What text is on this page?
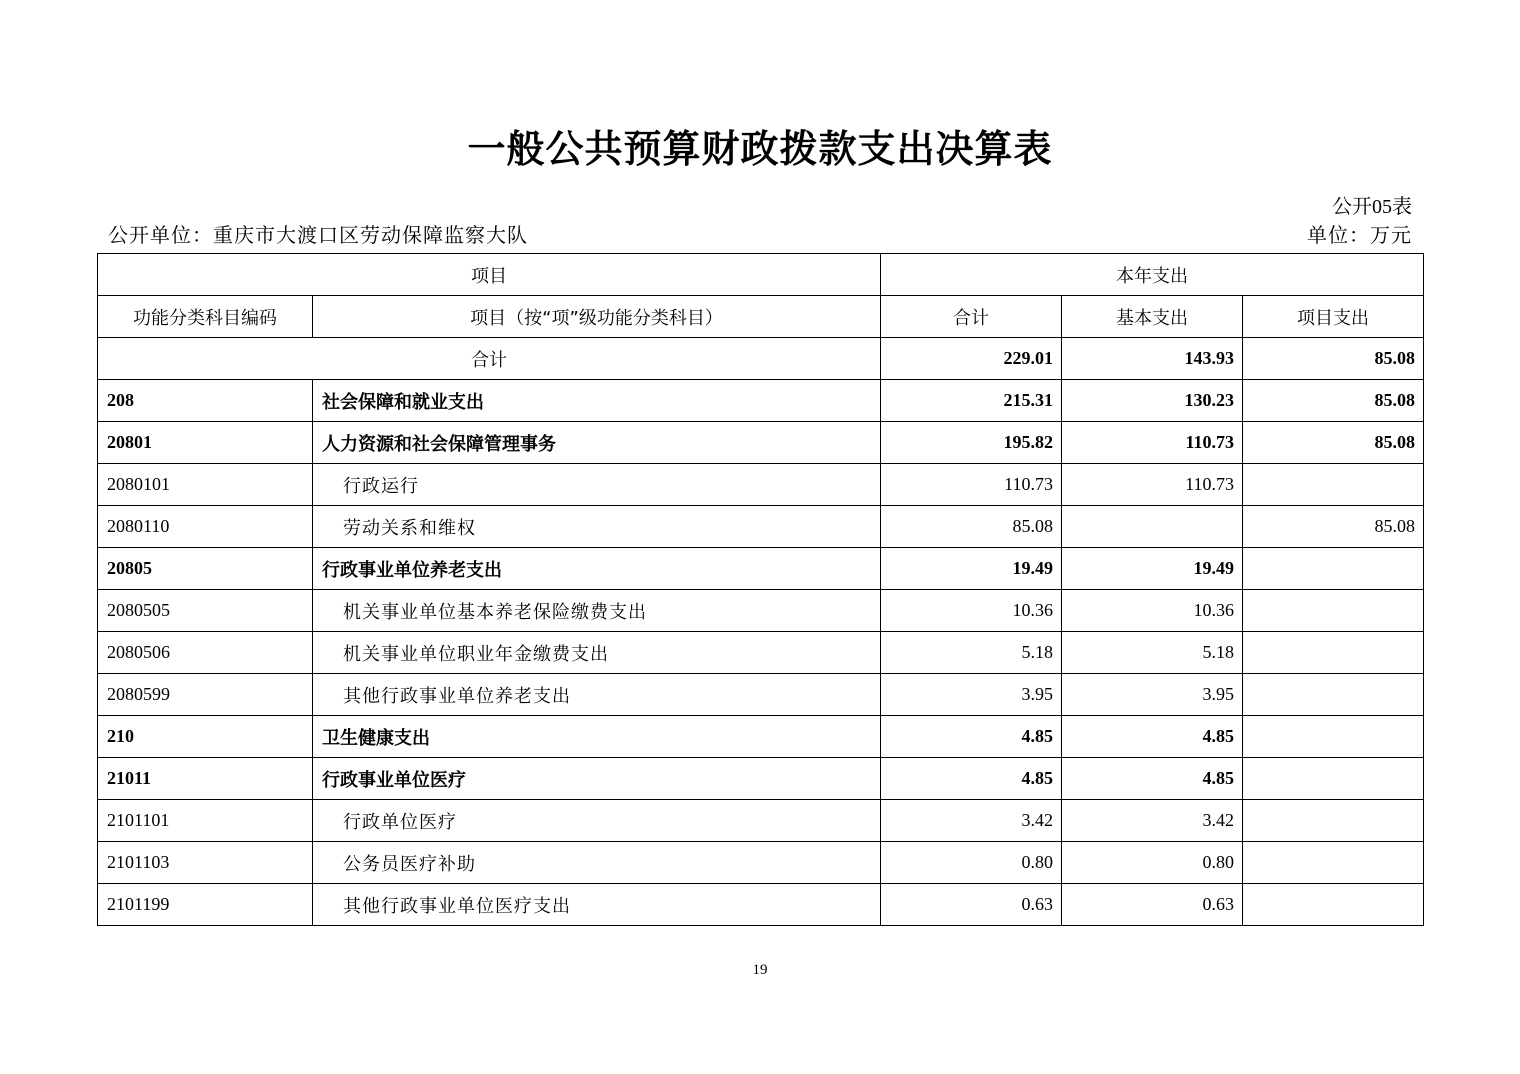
一般公共预算财政拨款支出决算表
公开05表
公开单位：重庆市大渡口区劳动保障监察大队	单位：万元
项目		本年支出		
功能分类科目编码	项目（按“项”级功能分类科目）	合计	基本支出	项目支出
合计		229.01	143.93	85.08
208	社会保障和就业支出	215.31	130.23	85.08
20801	人力资源和社会保障管理事务	195.82	110.73	85.08
2080101	行政运行	110.73	110.73	
2080110	劳动关系和维权	85.08		85.08
20805	行政事业单位养老支出	19.49	19.49	
2080505	机关事业单位基本养老保险缴费支出	10.36	10.36	
2080506	机关事业单位职业年金缴费支出	5.18	5.18	
2080599	其他行政事业单位养老支出	3.95	3.95	
210	卫生健康支出	4.85	4.85	
21011	行政事业单位医疗	4.85	4.85	
2101101	行政单位医疗	3.42	3.42	
2101103	公务员医疗补助	0.80	0.80	
2101199	其他行政事业单位医疗支出	0.63	0.63	
19
